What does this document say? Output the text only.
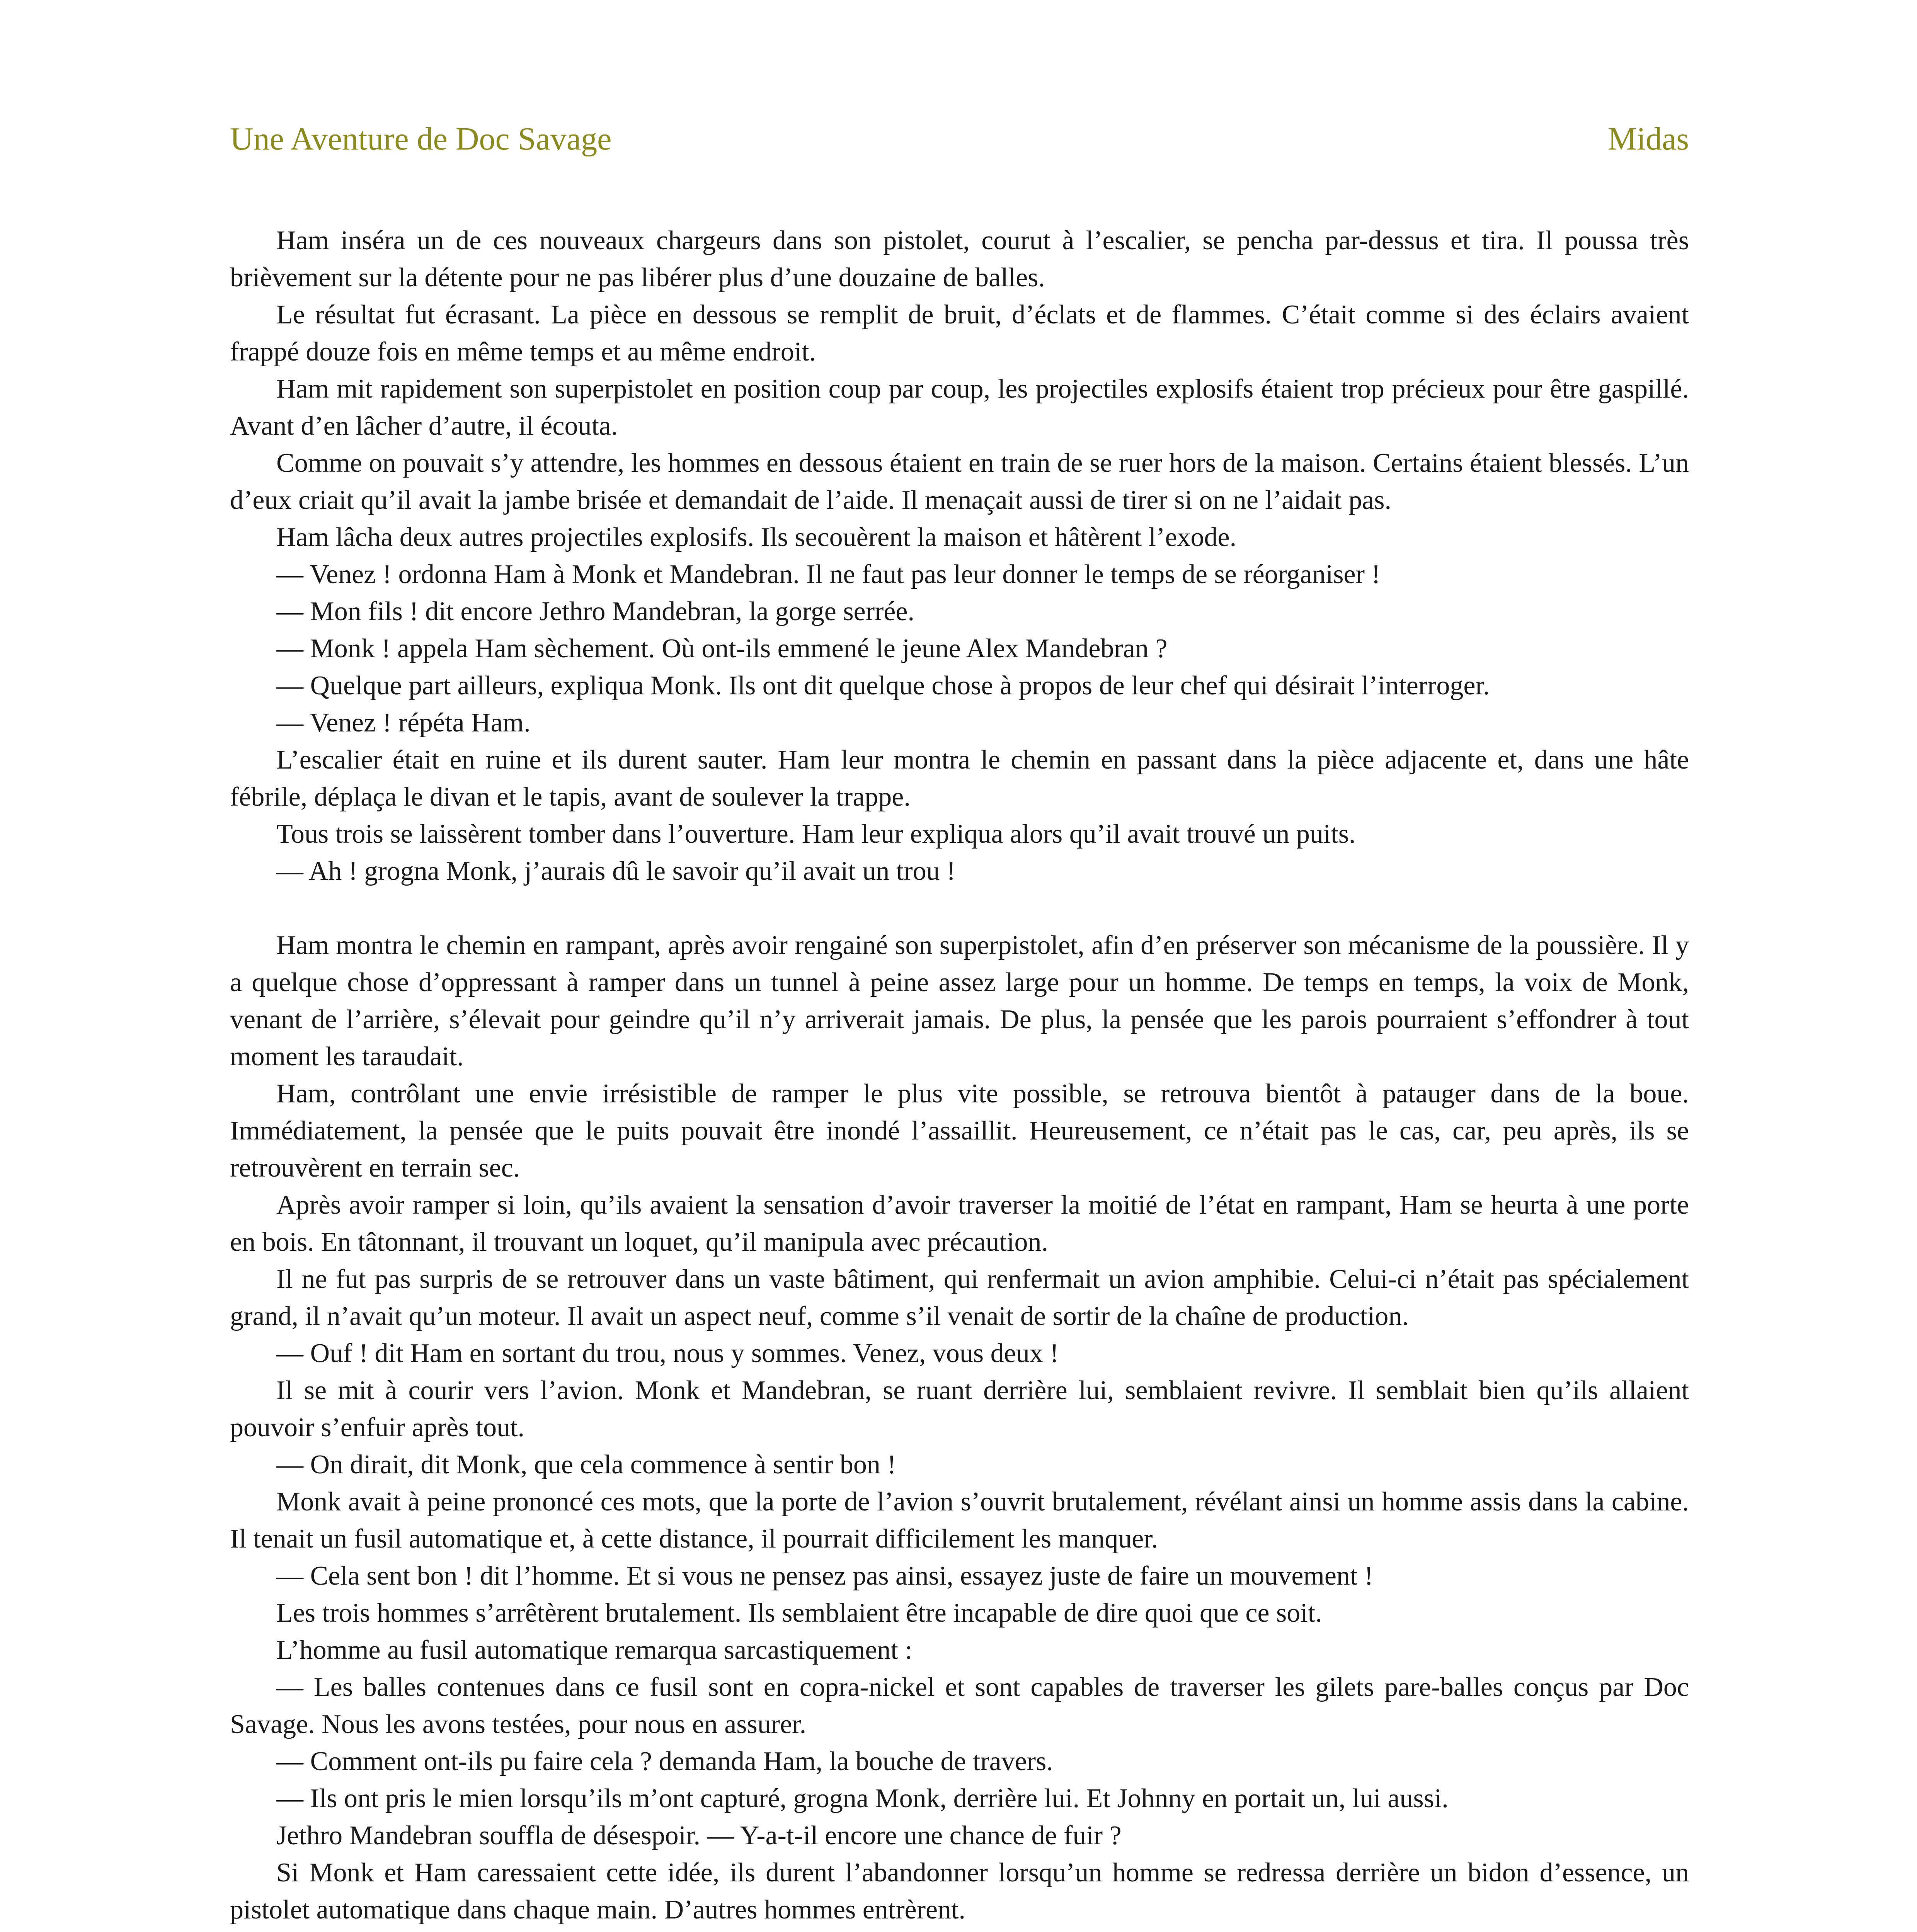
Une Aventure de Doc Savage	Midas

Ham inséra un de ces nouveaux chargeurs dans son pistolet, courut à l’escalier, se pencha par-dessus et tira. Il poussa très brièvement sur la détente pour ne pas libérer plus d’une douzaine de balles.

Le résultat fut écrasant. La pièce en dessous se remplit de bruit, d’éclats et de flammes. C’était comme si des éclairs avaient frappé douze fois en même temps et au même endroit.

Ham mit rapidement son superpistolet en position coup par coup, les projectiles explosifs étaient trop précieux pour être gaspillé. Avant d’en lâcher d’autre, il écouta.

Comme on pouvait s’y attendre, les hommes en dessous étaient en train de se ruer hors de la maison. Certains étaient blessés. L’un d’eux criait qu’il avait la jambe brisée et demandait de l’aide. Il menaçait aussi de tirer si on ne l’aidait pas.

Ham lâcha deux autres projectiles explosifs. Ils secouèrent la maison et hâtèrent l’exode.

— Venez ! ordonna Ham à Monk et Mandebran. Il ne faut pas leur donner le temps de se réorganiser !

— Mon fils ! dit encore Jethro Mandebran, la gorge serrée.

— Monk ! appela Ham sèchement. Où ont-ils emmené le jeune Alex Mandebran ?

— Quelque part ailleurs, expliqua Monk. Ils ont dit quelque chose à propos de leur chef qui désirait l’interroger.

— Venez ! répéta Ham.

L’escalier était en ruine et ils durent sauter. Ham leur montra le chemin en passant dans la pièce adjacente et, dans une hâte fébrile, déplaça le divan et le tapis, avant de soulever la trappe.

Tous trois se laissèrent tomber dans l’ouverture. Ham leur expliqua alors qu’il avait trouvé un puits.

— Ah ! grogna Monk, j’aurais dû le savoir qu’il avait un trou !

Ham montra le chemin en rampant, après avoir rengainé son superpistolet, afin d’en préserver son mécanisme de la poussière. Il y a quelque chose d’oppressant à ramper dans un tunnel à peine assez large pour un homme. De temps en temps, la voix de Monk, venant de l’arrière, s’élevait pour geindre qu’il n’y arriverait jamais. De plus, la pensée que les parois pourraient s’effondrer à tout moment les taraudait.

Ham, contrôlant une envie irrésistible de ramper le plus vite possible, se retrouva bientôt à patauger dans de la boue. Immédiatement, la pensée que le puits pouvait être inondé l’assaillit. Heureusement, ce n’était pas le cas, car, peu après, ils se retrouvèrent en terrain sec.

Après avoir ramper si loin, qu’ils avaient la sensation d’avoir traverser la moitié de l’état en rampant, Ham se heurta à une porte en bois. En tâtonnant, il trouvant un loquet, qu’il manipula avec précaution.

Il ne fut pas surpris de se retrouver dans un vaste bâtiment, qui renfermait un avion amphibie. Celui-ci n’était pas spécialement grand, il n’avait qu’un moteur. Il avait un aspect neuf, comme s’il venait de sortir de la chaîne de production.

— Ouf ! dit Ham en sortant du trou, nous y sommes. Venez, vous deux !

Il se mit à courir vers l’avion. Monk et Mandebran, se ruant derrière lui, semblaient revivre. Il semblait bien qu’ils allaient pouvoir s’enfuir après tout.

— On dirait, dit Monk, que cela commence à sentir bon !

Monk avait à peine prononcé ces mots, que la porte de l’avion s’ouvrit brutalement, révélant ainsi un homme assis dans la cabine. Il tenait un fusil automatique et, à cette distance, il pourrait difficilement les manquer.

— Cela sent bon ! dit l’homme. Et si vous ne pensez pas ainsi, essayez juste de faire un mouvement !

Les trois hommes s’arrêtèrent brutalement. Ils semblaient être incapable de dire quoi que ce soit.

L’homme au fusil automatique remarqua sarcastiquement :

— Les balles contenues dans ce fusil sont en copra-nickel et sont capables de traverser les gilets pare-balles conçus par Doc Savage. Nous les avons testées, pour nous en assurer.

— Comment ont-ils pu faire cela ? demanda Ham, la bouche de travers.

— Ils ont pris le mien lorsqu’ils m’ont capturé, grogna Monk, derrière lui. Et Johnny en portait un, lui aussi.

Jethro Mandebran souffla de désespoir. — Y-a-t-il encore une chance de fuir ?

Si Monk et Ham caressaient cette idée, ils durent l’abandonner lorsqu’un homme se redressa derrière un bidon d’essence, un pistolet automatique dans chaque main. D’autres hommes entrèrent.
